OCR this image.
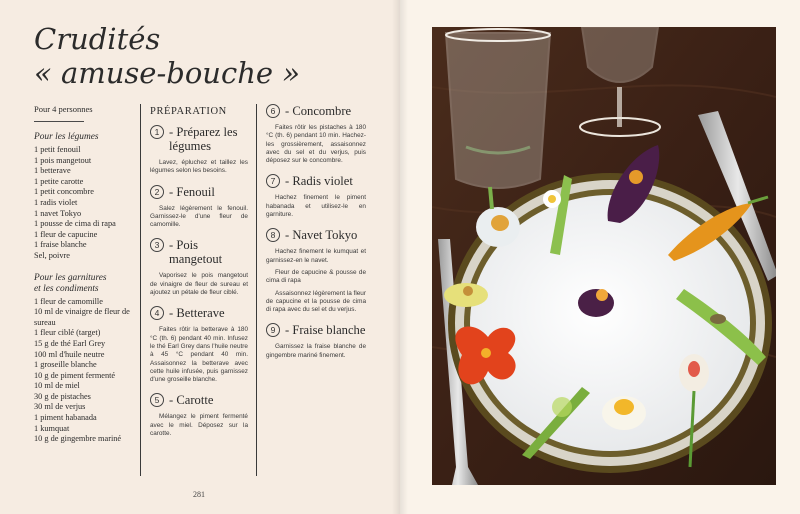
Crudités
« amuse-bouche »
Pour 4 personnes
Pour les légumes
1 petit fenouil
1 pois mangetout
1 betterave
1 petite carotte
1 petit concombre
1 radis violet
1 navet Tokyo
1 pousse de cima di rapa
1 fleur de capucine
1 fraise blanche
Sel, poivre
Pour les garnitures
et les condiments
1 fleur de camomille
10 ml de vinaigre de fleur de sureau
1 fleur ciblé (target)
15 g de thé Earl Grey
100 ml d'huile neutre
1 groseille blanche
10 g de piment fermenté
10 ml de miel
30 g de pistaches
30 ml de verjus
1 piment habanada
1 kumquat
10 g de gingembre mariné
PRÉPARATION
1 - Préparez les
légumes

Lavez, épluchez et taillez les légumes selon les besoins.

2 - Fenouil

Salez légèrement le fenouil. Garnissez-le d'une fleur de camomille.

3 - Pois mangetout

Vaporisez le pois mangetout de vinaigre de fleur de sureau et ajoutez un pétale de fleur ciblé.

4 - Betterave

Faites rôtir la betterave à 180 °C (th. 6) pendant 40 min. Infusez le thé Earl Grey dans l'huile neutre à 45 °C pendant 40 min. Assaisonnez la betterave avec cette huile infusée, puis garnissez d'une groseille blanche.

5 - Carotte

Mélangez le piment fermenté avec le miel. Déposez sur la carotte.

6 - Concombre

Faites rôtir les pistaches à 180 °C (th. 6) pendant 10 min. Hachez-les grossièrement, assaisonnez avec du sel et du verjus, puis déposez sur le concombre.

7 - Radis violet

Hachez finement le piment habanada et utilisez-le en garniture.

8 - Navet Tokyo

Hachez finement le kumquat et garnissez-en le navet.

Fleur de capucine & pousse de cima di rapa

Assaisonnez légèrement la fleur de capucine et la pousse de cima di rapa avec du sel et du verjus.

9 - Fraise blanche

Garnissez la fraise blanche de gingembre mariné finement.

281
